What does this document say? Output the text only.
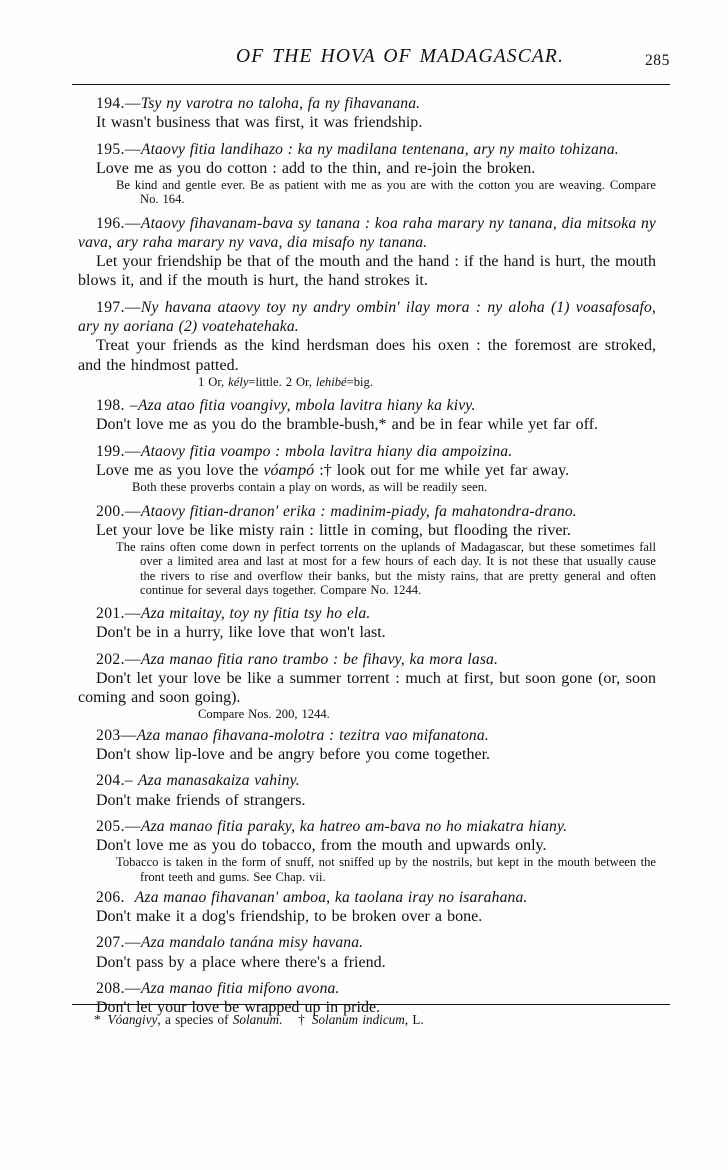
OF THE HOVA OF MADAGASCAR.	285

194.—Tsy ny varotra no taloha, fa ny fihavanana.

It wasn't business that was first, it was friendship.

195.—Ataovy fitia landihazo : ka ny madilana tentenana, ary ny maito tohizana.

Love me as you do cotton : add to the thin, and re-join the broken.

Be kind and gentle ever. Be as patient with me as you are with the cotton you are weaving. Compare No. 164.

196.—Ataovy fihavanam-bava sy tanana : koa raha marary ny tanana, dia mitsoka ny vava, ary raha marary ny vava, dia misafo ny tanana.

Let your friendship be that of the mouth and the hand : if the hand is hurt, the mouth blows it, and if the mouth is hurt, the hand strokes it.

197.—Ny havana ataovy toy ny andry ombin' ilay mora : ny aloha (1) voasafosafo, ary ny aoriana (2) voatehatehaka.

Treat your friends as the kind herdsman does his oxen : the foremost are stroked, and the hindmost patted.

1 Or, kély=little. 2 Or, lehibé=big.

198. –Aza atao fitia voangivy, mbola lavitra hiany ka kivy.

Don't love me as you do the bramble-bush,* and be in fear while yet far off.

199.—Ataovy fitia voampo : mbola lavitra hiany dia ampoizina.

Love me as you love the vóampó :† look out for me while yet far away.

Both these proverbs contain a play on words, as will be readily seen.

200.—Ataovy fitian-dranon' erika : madinim-piady, fa mahatondra-drano.

Let your love be like misty rain : little in coming, but flooding the river.

The rains often come down in perfect torrents on the uplands of Madagascar, but these sometimes fall over a limited area and last at most for a few hours of each day. It is not these that usually cause the rivers to rise and overflow their banks, but the misty rains, that are pretty general and often continue for several days together. Compare No. 1244.

201.—Aza mitaitay, toy ny fitia tsy ho ela.

Don't be in a hurry, like love that won't last.

202.—Aza manao fitia rano trambo : be fihavy, ka mora lasa.

Don't let your love be like a summer torrent : much at first, but soon gone (or, soon coming and soon going).

Compare Nos. 200, 1244.

203—Aza manao fihavana-molotra : tezitra vao mifanatona.

Don't show lip-love and be angry before you come together.

204.– Aza manasakaiza vahiny.

Don't make friends of strangers.

205.—Aza manao fitia paraky, ka hatreo am-bava no ho miakatra hiany.

Don't love me as you do tobacco, from the mouth and upwards only.

Tobacco is taken in the form of snuff, not sniffed up by the nostrils, but kept in the mouth between the front teeth and gums. See Chap. vii.

206. Aza manao fihavanan' amboa, ka taolana iray no isarahana.

Don't make it a dog's friendship, to be broken over a bone.

207.—Aza mandalo tanána misy havana.

Don't pass by a place where there's a friend.

208.—Aza manao fitia mifono avona.

Don't let your love be wrapped up in pride.

* Vóangivy, a species of Solanum. † Solanum indicum, L.
